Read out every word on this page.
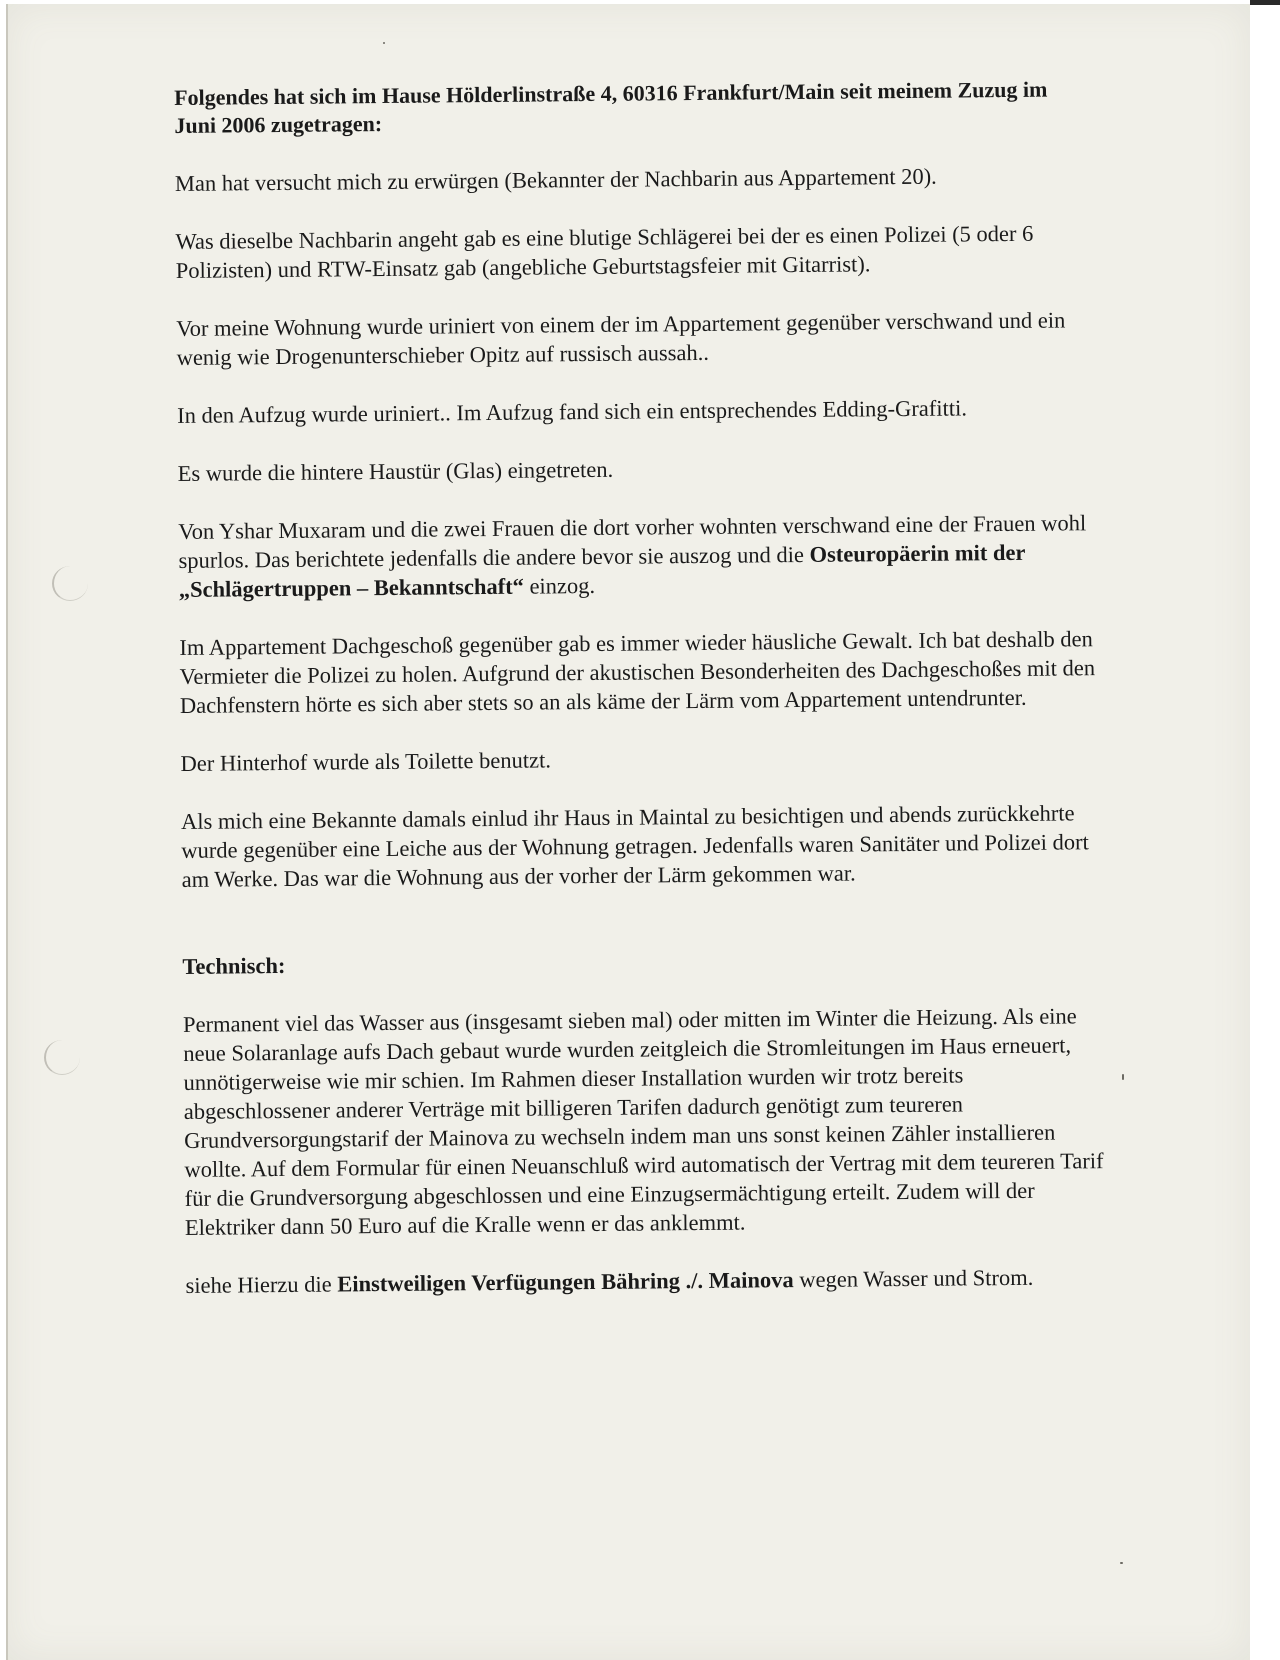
Folgendes hat sich im Hause Hölderlinstraße 4, 60316 Frankfurt/Main seit meinem Zuzug im Juni 2006 zugetragen:

Man hat versucht mich zu erwürgen (Bekannter der Nachbarin aus Appartement 20).

Was dieselbe Nachbarin angeht gab es eine blutige Schlägerei bei der es einen Polizei (5 oder 6 Polizisten) und RTW-Einsatz gab (angebliche Geburtstagsfeier mit Gitarrist).

Vor meine Wohnung wurde uriniert von einem der im Appartement gegenüber verschwand und ein wenig wie Drogenunterschieber Opitz auf russisch aussah..

In den Aufzug wurde uriniert.. Im Aufzug fand sich ein entsprechendes Edding-Grafitti.

Es wurde die hintere Haustür (Glas) eingetreten.

Von Yshar Muxaram und die zwei Frauen die dort vorher wohnten verschwand eine der Frauen wohl spurlos. Das berichtete jedenfalls die andere bevor sie auszog und die Osteuropäerin mit der „Schlägertruppen – Bekanntschaft“ einzog.

Im Appartement Dachgeschoß gegenüber gab es immer wieder häusliche Gewalt. Ich bat deshalb den Vermieter die Polizei zu holen. Aufgrund der akustischen Besonderheiten des Dachgeschoßes mit den Dachfenstern hörte es sich aber stets so an als käme der Lärm vom Appartement untendrunter.

Der Hinterhof wurde als Toilette benutzt.

Als mich eine Bekannte damals einlud ihr Haus in Maintal zu besichtigen und abends zurückkehrte wurde gegenüber eine Leiche aus der Wohnung getragen. Jedenfalls waren Sanitäter und Polizei dort am Werke. Das war die Wohnung aus der vorher der Lärm gekommen war.

Technisch:

Permanent viel das Wasser aus (insgesamt sieben mal) oder mitten im Winter die Heizung. Als eine neue Solaranlage aufs Dach gebaut wurde wurden zeitgleich die Stromleitungen im Haus erneuert, unnötigerweise wie mir schien. Im Rahmen dieser Installation wurden wir trotz bereits abgeschlossener anderer Verträge mit billigeren Tarifen dadurch genötigt zum teureren Grundversorgungstarif der Mainova zu wechseln indem man uns sonst keinen Zähler installieren wollte. Auf dem Formular für einen Neuanschluß wird automatisch der Vertrag mit dem teureren Tarif für die Grundversorgung abgeschlossen und eine Einzugsermächtigung erteilt. Zudem will der Elektriker dann 50 Euro auf die Kralle wenn er das anklemmt.

siehe Hierzu die Einstweiligen Verfügungen Bähring ./. Mainova wegen Wasser und Strom.
